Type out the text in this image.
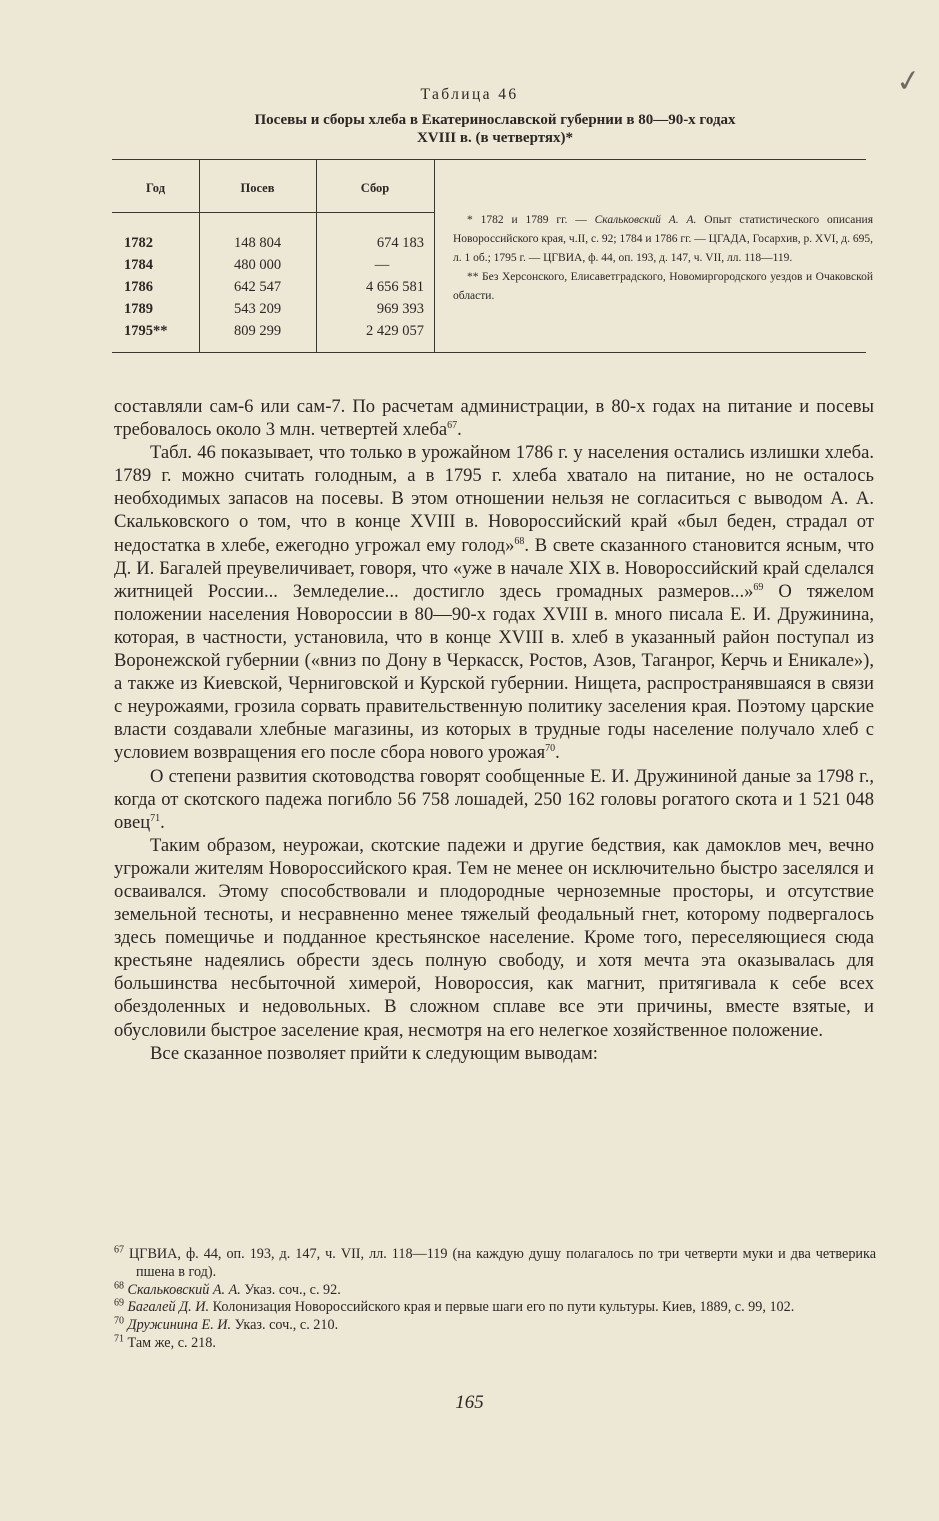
✓
Таблица 46
Посевы и сборы хлеба в Екатеринославской губернии в 80—90-х годах
XVIII в. (в четвертях)*
Год	Посев	Сбор
1782	148 804	674 183
1784	480 000	—
1786	642 547	4 656 581
1789	543 209	969 393
1795**	809 299	2 429 057

* 1782 и 1789 гг. — Скальковский А. А. Опыт статистического описания Новороссийского края, ч.II, с. 92; 1784 и 1786 гг. — ЦГАДА, Госархив, р. XVI, д. 695, л. 1 об.; 1795 г. — ЦГВИА, ф. 44, оп. 193, д. 147, ч. VII, лл. 118—119.

** Без Херсонского, Елисаветградского, Новомиргородского уездов и Очаковской области.

составляли сам-6 или сам-7. По расчетам администрации, в 80-х годах на питание и посевы требовалось около 3 млн. четвертей хлеба$^{67}$.

Табл. 46 показывает, что только в урожайном 1786 г. у населения остались излишки хлеба. 1789 г. можно считать голодным, а в 1795 г. хлеба хватало на питание, но не осталось необходимых запасов на посевы. В этом отношении нельзя не согласиться с выводом А. А. Скальковского о том, что в конце XVIII в. Новороссийский край «был беден, страдал от недостатка в хлебе, ежегодно угрожал ему голод»$^{68}$. В свете сказанного становится ясным, что Д. И. Багалей преувеличивает, говоря, что «уже в начале XIX в. Новороссийский край сделался житницей России... Земледелие... достигло здесь громадных размеров...»$^{69}$ О тяжелом положении населения Новороссии в 80—90-х годах XVIII в. много писала Е. И. Дружинина, которая, в частности, установила, что в конце XVIII в. хлеб в указанный район поступал из Воронежской губернии («вниз по Дону в Черкасск, Ростов, Азов, Таганрог, Керчь и Еникале»), а также из Киевской, Черниговской и Курской губернии. Нищета, распространявшаяся в связи с неурожаями, грозила сорвать правительственную политику заселения края. Поэтому царские власти создавали хлебные магазины, из которых в трудные годы население получало хлеб с условием возвращения его после сбора нового урожая$^{70}$.

О степени развития скотоводства говорят сообщенные Е. И. Дружининой даные за 1798 г., когда от скотского падежа погибло 56 758 лошадей, 250 162 головы рогатого скота и 1 521 048 овец$^{71}$.

Таким образом, неурожаи, скотские падежи и другие бедствия, как дамоклов меч, вечно угрожали жителям Новороссийского края. Тем не менее он исключительно быстро заселялся и осваивался. Этому способствовали и плодородные черноземные просторы, и отсутствие земельной тесноты, и несравненно менее тяжелый феодальный гнет, которому подвергалось здесь помещичье и подданное крестьянское население. Кроме того, переселяющиеся сюда крестьяне надеялись обрести здесь полную свободу, и хотя мечта эта оказывалась для большинства несбыточной химерой, Новороссия, как магнит, притягивала к себе всех обездоленных и недовольных. В сложном сплаве все эти причины, вместе взятые, и обусловили быстрое заселение края, несмотря на его нелегкое хозяйственное положение.

Все сказанное позволяет прийти к следующим выводам:

$^{67}$ ЦГВИА, ф. 44, оп. 193, д. 147, ч. VII, лл. 118—119 (на каждую душу полагалось по три четверти муки и два четверика пшена в год).

$^{68}$ Скальковский А. А. Указ. соч., с. 92.

$^{69}$ Багалей Д. И. Колонизация Новороссийского края и первые шаги его по пути культуры. Киев, 1889, с. 99, 102.

$^{70}$ Дружинина Е. И. Указ. соч., с. 210.

$^{71}$ Там же, с. 218.

165
